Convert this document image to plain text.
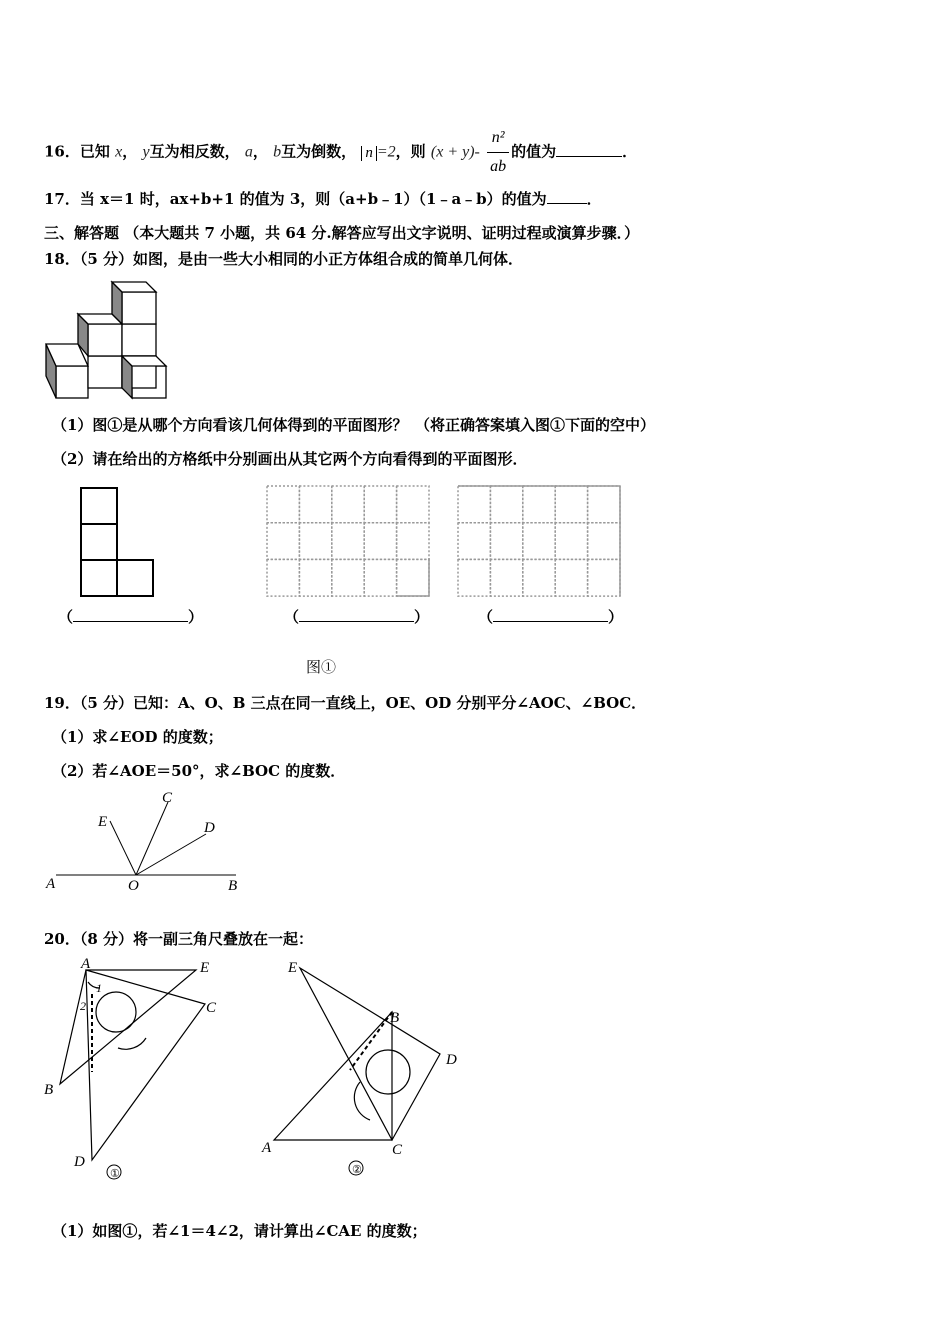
16．已知 x， y互为相反数， a， b互为倒数， n =2，则 $(x + y)- \frac{\text{n²}}{ab}$ 的值为	．
17．当 x＝1 时，ax+b+1 的值为 3，则（a+b﹣1）（1﹣a﹣b）的值为	．
三、解答题 （本大题共 7 小题，共 64 分.解答应写出文字说明、证明过程或演算步骤．）
18．（5 分）如图，是由一些大小相同的小正方体组合成的简单几何体．
（1）图①是从哪个方向看该几何体得到的平面图形？　（将正确答案填入图①下面的空中）
（2）请在给出的方格纸中分别画出从其它两个方向看得到的平面图形．
（	）	（	）	（	）
图①
19．（5 分）已知：A、O、B 三点在同一直线上，OE、OD 分别平分∠AOC、∠BOC．
（1）求∠EOD 的度数；
（2）若∠AOE＝50°，求∠BOC 的度数．
A	O	B
E
C
D
20．（8 分）将一副三角尺叠放在一起：
A	E
C
B
D
1
2
①
E
B
D
A	C
②
（1）如图①，若∠1＝4∠2，请计算出∠CAE 的度数；
